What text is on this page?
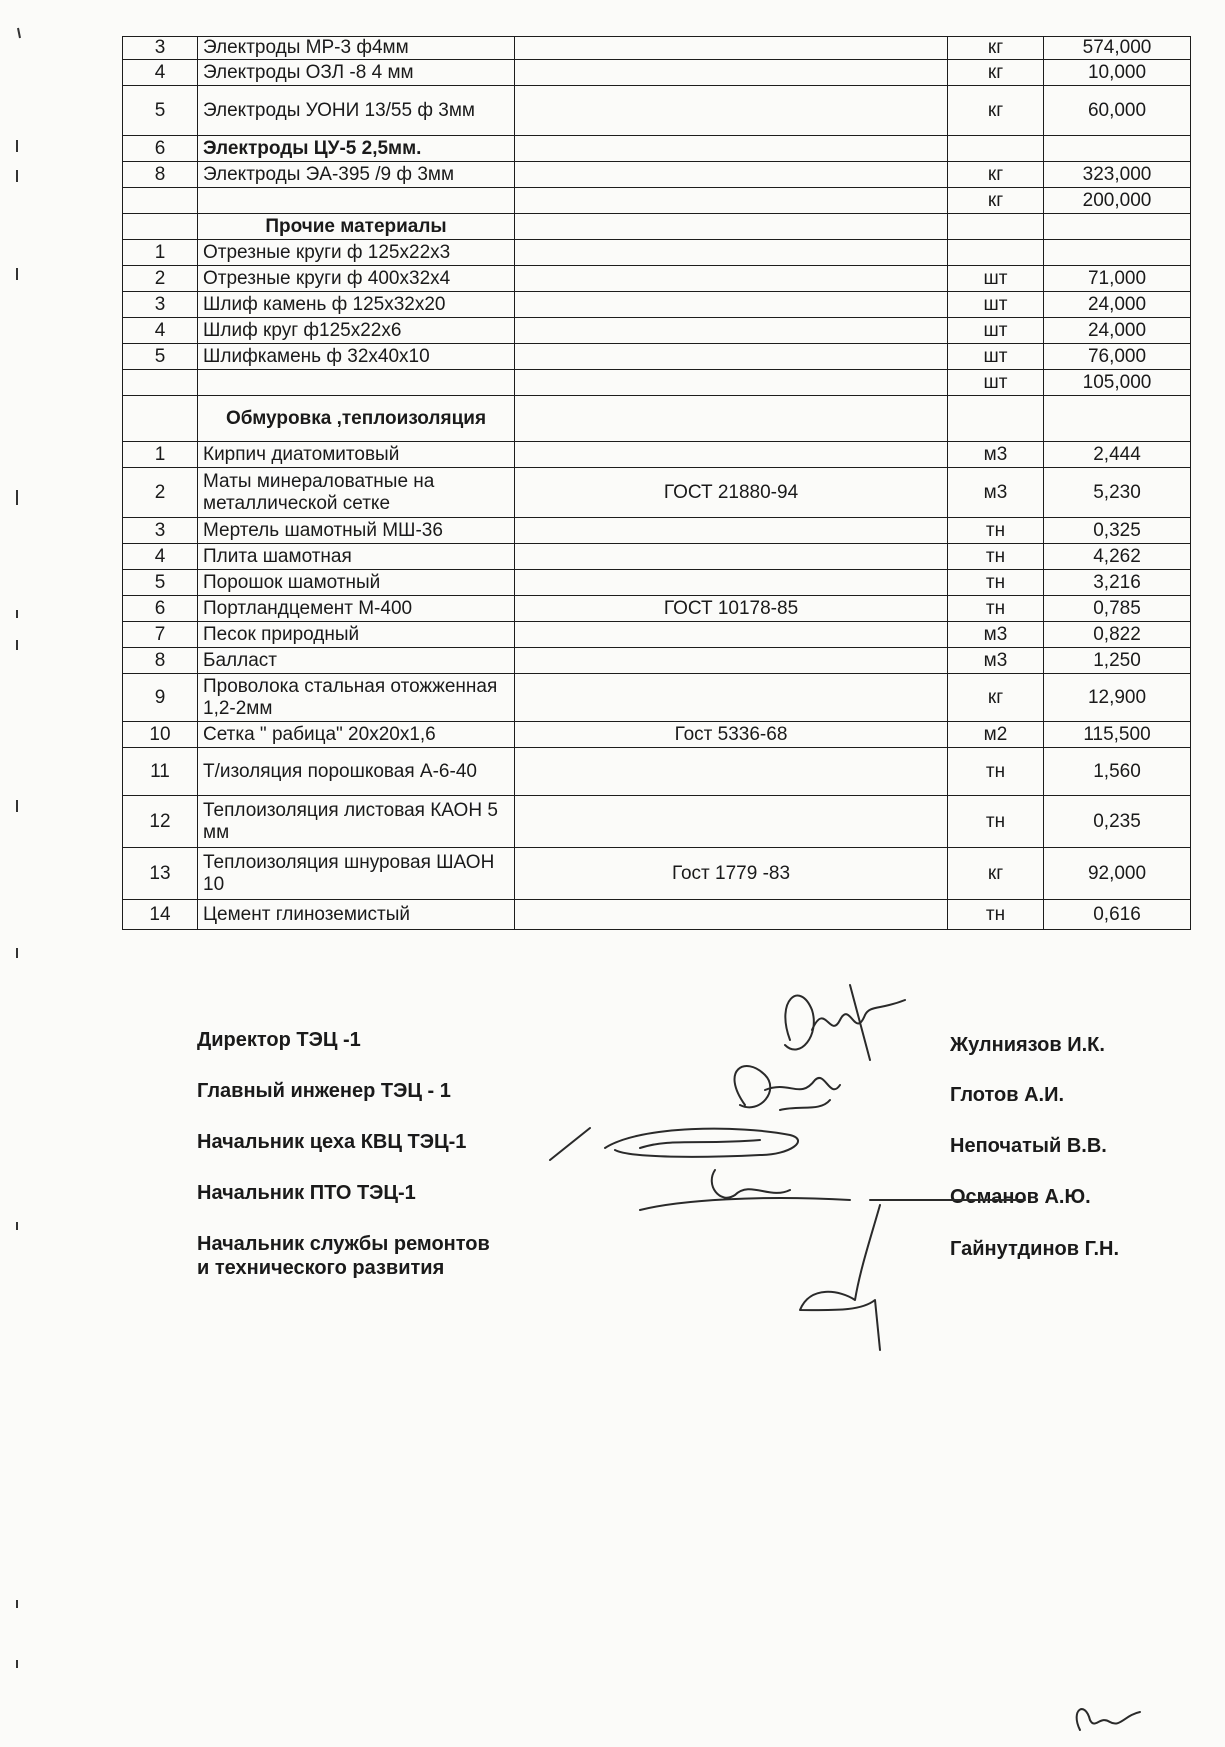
3	Электроды МР-3 ф4мм		кг	574,000
4	Электроды ОЗЛ -8 4 мм		кг	10,000
5	Электроды УОНИ 13/55 ф 3мм		кг	60,000
6	Электроды ЦУ-5 2,5мм.			
8	Электроды ЭА-395 /9 ф 3мм		кг	323,000
			кг	200,000
	Прочие материалы			
1	Отрезные круги ф 125x22x3			
2	Отрезные круги ф 400x32x4		шт	71,000
3	Шлиф камень ф 125x32x20		шт	24,000
4	Шлиф круг ф125x22x6		шт	24,000
5	Шлифкамень ф 32x40x10		шт	76,000
			шт	105,000
	Обмуровка ,теплоизоляция			
1	Кирпич диатомитовый		м3	2,444
2	Маты минераловатные на металлической сетке	ГОСТ 21880-94	м3	5,230
3	Мертель шамотный МШ-36		тн	0,325
4	Плита шамотная		тн	4,262
5	Порошок шамотный		тн	3,216
6	Портландцемент М-400	ГОСТ 10178-85	тн	0,785
7	Песок природный		м3	0,822
8	Балласт		м3	1,250
9	Проволока стальная отожженная 1,2-2мм		кг	12,900
10	Сетка " рабица" 20x20x1,6	Гост 5336-68	м2	115,500
11	Т/изоляция порошковая А-6-40		тн	1,560
12	Теплоизоляция листовая КАОН 5 мм		тн	0,235
13	Теплоизоляция шнуровая ШАОН 10	Гост 1779 -83	кг	92,000
14	Цемент глиноземистый		тн	0,616
Директор ТЭЦ -1
Главный инженер ТЭЦ - 1
Начальник цеха КВЦ ТЭЦ-1
Начальник ПТО ТЭЦ-1
Начальник службы ремонтов
и технического развития
Жулниязов И.К.
Глотов А.И.
Непочатый В.В.
Османов А.Ю.
Гайнутдинов Г.Н.
